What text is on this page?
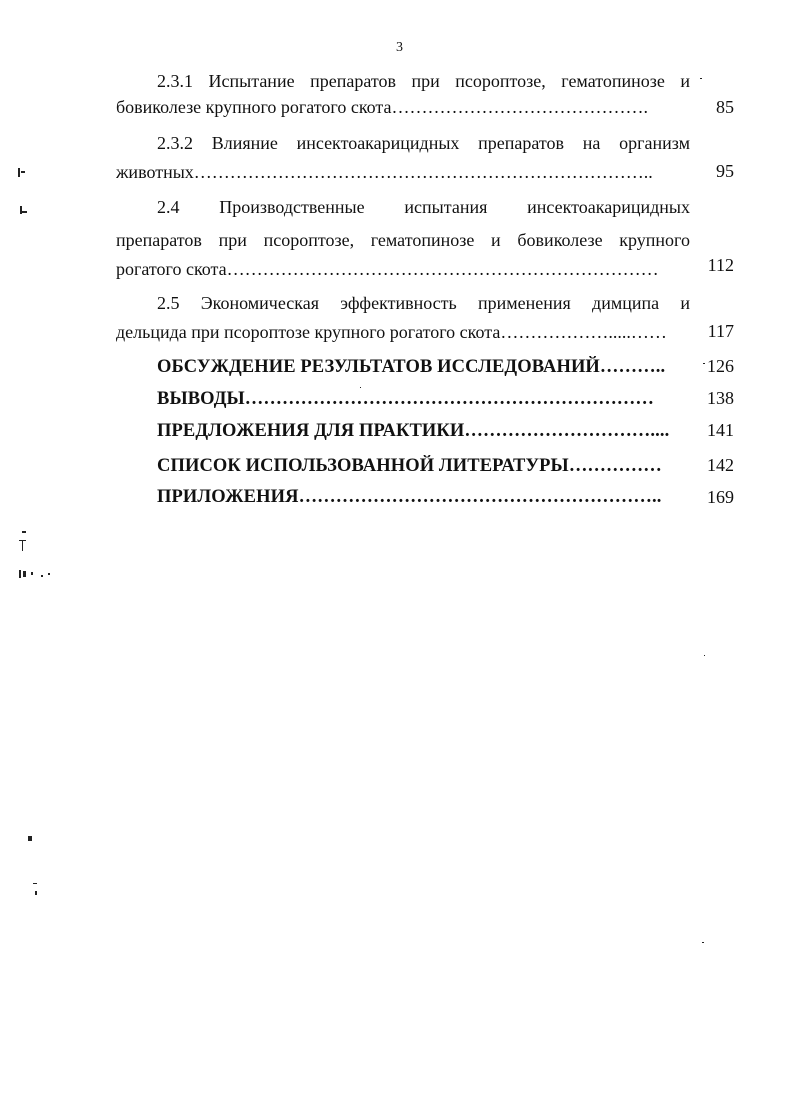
3
2.3.1 Испытание препаратов при псороптозе, гематопинозе и
бовиколезе крупного рогатого скота…………………………………….	85
2.3.2 Влияние инсектоакарицидных препаратов на организм
животных…………………………………………………………………..	95
2.4 Производственные испытания инсектоакарицидных
препаратов при псороптозе, гематопинозе и бовиколезе крупного
рогатого скота………………………………………………………………	112
2.5 Экономическая эффективность применения димципа и
дельцида при псороптозе крупного рогатого скота……………….....……	117
ОБСУЖДЕНИЕ РЕЗУЛЬТАТОВ ИССЛЕДОВАНИЙ………..	126
ВЫВОДЫ…………………………………………………………	138
ПРЕДЛОЖЕНИЯ ДЛЯ ПРАКТИКИ…………………………....	141
СПИСОК ИСПОЛЬЗОВАННОЙ ЛИТЕРАТУРЫ……………	142
ПРИЛОЖЕНИЯ…………………………………………………..	169
